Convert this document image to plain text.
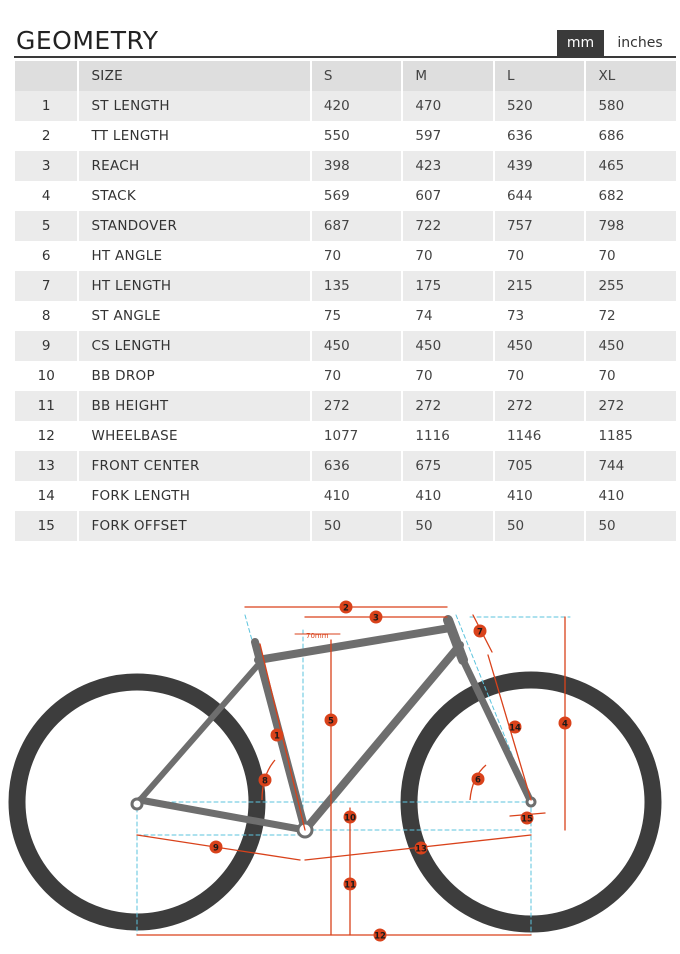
GEOMETRY	mm	inches
	SIZE	S	M	L	XL
1	ST LENGTH	420	470	520	580
2	TT LENGTH	550	597	636	686
3	REACH	398	423	439	465
4	STACK	569	607	644	682
5	STANDOVER	687	722	757	798
6	HT ANGLE	70	70	70	70
7	HT LENGTH	135	175	215	255
8	ST ANGLE	75	74	73	72
9	CS LENGTH	450	450	450	450
10	BB DROP	70	70	70	70
11	BB HEIGHT	272	272	272	272
12	WHEELBASE	1077	1116	1146	1185
13	FRONT CENTER	636	675	705	744
14	FORK LENGTH	410	410	410	410
15	FORK OFFSET	50	50	50	50
70mm
1
2
3
4
5
6
7
8
9
10
11
12
13
14
15
